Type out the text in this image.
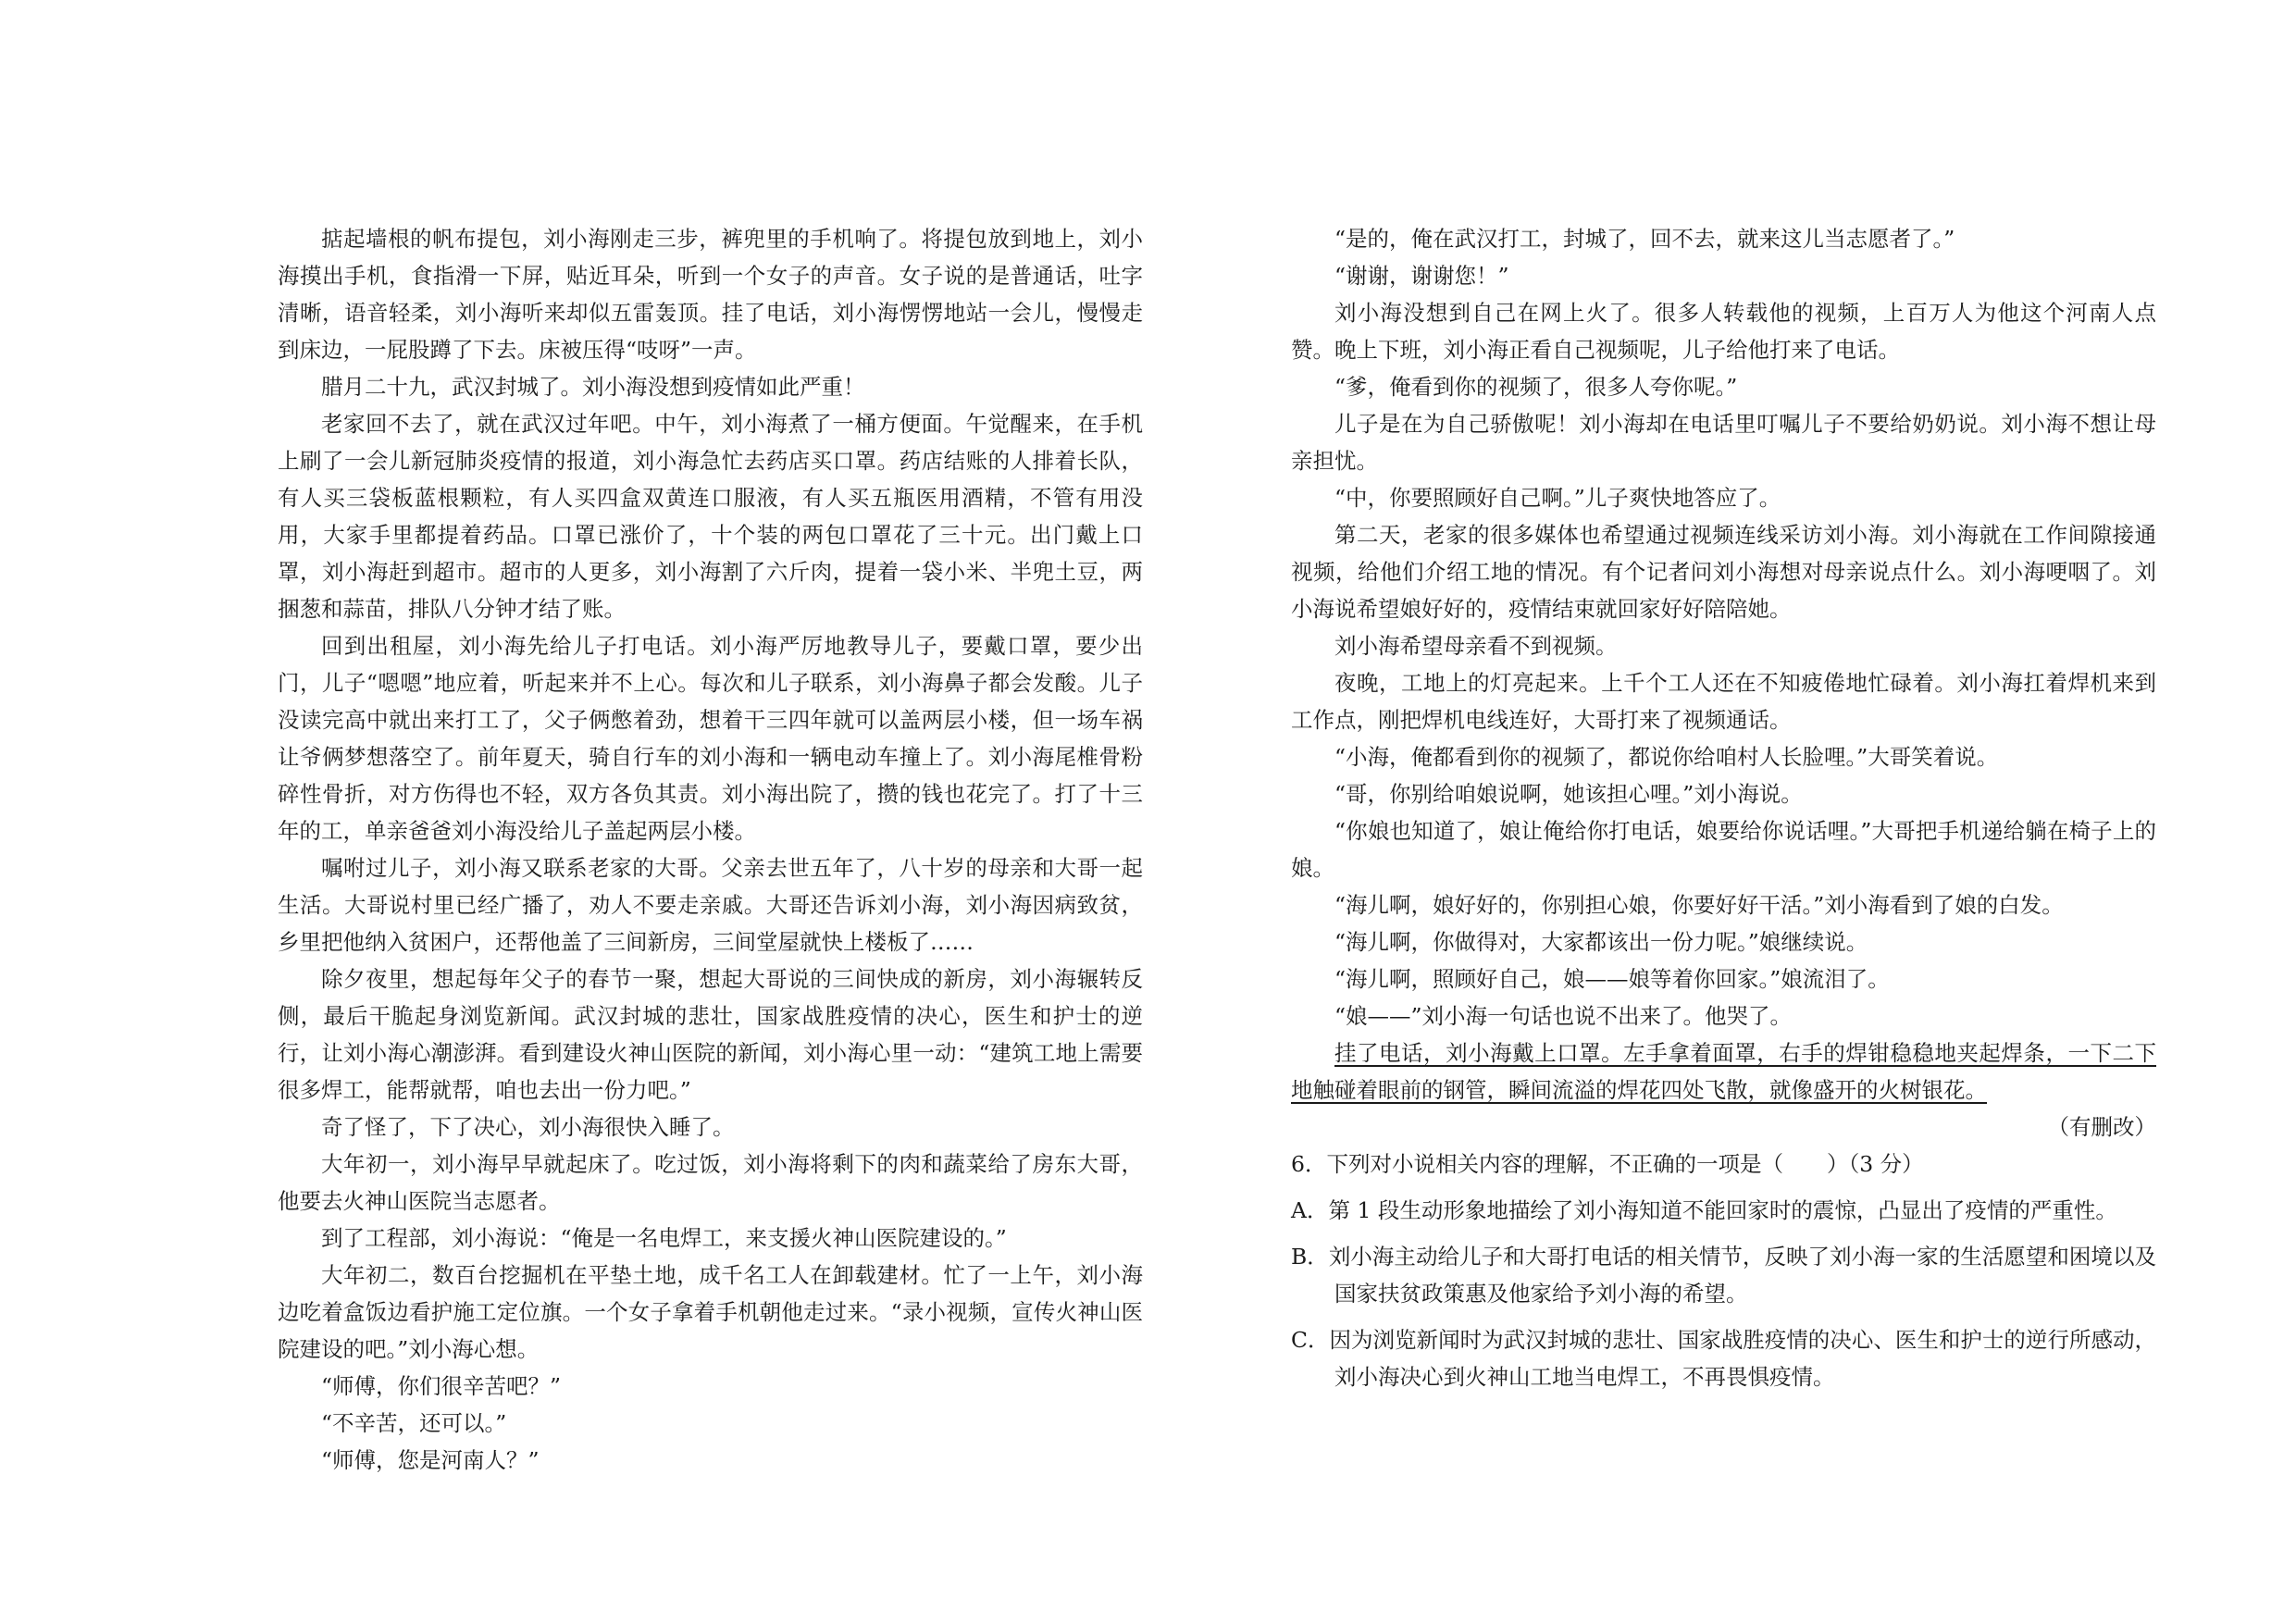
掂起墙根的帆布提包，刘小海刚走三步，裤兜里的手机响了。将提包放到地上，刘小海摸出手机，食指滑一下屏，贴近耳朵，听到一个女子的声音。女子说的是普通话，吐字清晰，语音轻柔，刘小海听来却似五雷轰顶。挂了电话，刘小海愣愣地站一会儿，慢慢走到床边，一屁股蹲了下去。床被压得“吱呀”一声。

腊月二十九，武汉封城了。刘小海没想到疫情如此严重！

老家回不去了，就在武汉过年吧。中午，刘小海煮了一桶方便面。午觉醒来，在手机上刷了一会儿新冠肺炎疫情的报道，刘小海急忙去药店买口罩。药店结账的人排着长队，有人买三袋板蓝根颗粒，有人买四盒双黄连口服液，有人买五瓶医用酒精，不管有用没用，大家手里都提着药品。口罩已涨价了，十个装的两包口罩花了三十元。出门戴上口罩，刘小海赶到超市。超市的人更多，刘小海割了六斤肉，提着一袋小米、半兜土豆，两捆葱和蒜苗，排队八分钟才结了账。

回到出租屋，刘小海先给儿子打电话。刘小海严厉地教导儿子，要戴口罩，要少出门，儿子“嗯嗯”地应着，听起来并不上心。每次和儿子联系，刘小海鼻子都会发酸。儿子没读完高中就出来打工了，父子俩憋着劲，想着干三四年就可以盖两层小楼，但一场车祸让爷俩梦想落空了。前年夏天，骑自行车的刘小海和一辆电动车撞上了。刘小海尾椎骨粉碎性骨折，对方伤得也不轻，双方各负其责。刘小海出院了，攒的钱也花完了。打了十三年的工，单亲爸爸刘小海没给儿子盖起两层小楼。

嘱咐过儿子，刘小海又联系老家的大哥。父亲去世五年了，八十岁的母亲和大哥一起生活。大哥说村里已经广播了，劝人不要走亲戚。大哥还告诉刘小海，刘小海因病致贫，乡里把他纳入贫困户，还帮他盖了三间新房，三间堂屋就快上楼板了……

除夕夜里，想起每年父子的春节一聚，想起大哥说的三间快成的新房，刘小海辗转反侧，最后干脆起身浏览新闻。武汉封城的悲壮，国家战胜疫情的决心，医生和护士的逆行，让刘小海心潮澎湃。看到建设火神山医院的新闻，刘小海心里一动：“建筑工地上需要很多焊工，能帮就帮，咱也去出一份力吧。”

奇了怪了，下了决心，刘小海很快入睡了。

大年初一，刘小海早早就起床了。吃过饭，刘小海将剩下的肉和蔬菜给了房东大哥，他要去火神山医院当志愿者。

到了工程部，刘小海说：“俺是一名电焊工，来支援火神山医院建设的。”

大年初二，数百台挖掘机在平垫土地，成千名工人在卸载建材。忙了一上午，刘小海边吃着盒饭边看护施工定位旗。一个女子拿着手机朝他走过来。“录小视频，宣传火神山医院建设的吧。”刘小海心想。

“师傅，你们很辛苦吧？”

“不辛苦，还可以。”

“师傅，您是河南人？”

“是的，俺在武汉打工，封城了，回不去，就来这儿当志愿者了。”

“谢谢，谢谢您！”

刘小海没想到自己在网上火了。很多人转载他的视频，上百万人为他这个河南人点赞。晚上下班，刘小海正看自己视频呢，儿子给他打来了电话。

“爹，俺看到你的视频了，很多人夸你呢。”

儿子是在为自己骄傲呢！刘小海却在电话里叮嘱儿子不要给奶奶说。刘小海不想让母亲担忧。

“中，你要照顾好自己啊。”儿子爽快地答应了。

第二天，老家的很多媒体也希望通过视频连线采访刘小海。刘小海就在工作间隙接通视频，给他们介绍工地的情况。有个记者问刘小海想对母亲说点什么。刘小海哽咽了。刘小海说希望娘好好的，疫情结束就回家好好陪陪她。

刘小海希望母亲看不到视频。

夜晚，工地上的灯亮起来。上千个工人还在不知疲倦地忙碌着。刘小海扛着焊机来到工作点，刚把焊机电线连好，大哥打来了视频通话。

“小海，俺都看到你的视频了，都说你给咱村人长脸哩。”大哥笑着说。

“哥，你别给咱娘说啊，她该担心哩。”刘小海说。

“你娘也知道了，娘让俺给你打电话，娘要给你说话哩。”大哥把手机递给躺在椅子上的娘。

“海儿啊，娘好好的，你别担心娘，你要好好干活。”刘小海看到了娘的白发。

“海儿啊，你做得对，大家都该出一份力呢。”娘继续说。

“海儿啊，照顾好自己，娘——娘等着你回家。”娘流泪了。

“娘——”刘小海一句话也说不出来了。他哭了。

挂了电话，刘小海戴上口罩。左手拿着面罩，右手的焊钳稳稳地夹起焊条，一下二下地触碰着眼前的钢管，瞬间流溢的焊花四处飞散，就像盛开的火树银花。

（有删改）
6．下列对小说相关内容的理解，不正确的一项是（　　）（3 分）
A．第 1 段生动形象地描绘了刘小海知道不能回家时的震惊，凸显出了疫情的严重性。
B．刘小海主动给儿子和大哥打电话的相关情节，反映了刘小海一家的生活愿望和困境以及国家扶贫政策惠及他家给予刘小海的希望。
C．因为浏览新闻时为武汉封城的悲壮、国家战胜疫情的决心、医生和护士的逆行所感动，刘小海决心到火神山工地当电焊工，不再畏惧疫情。
